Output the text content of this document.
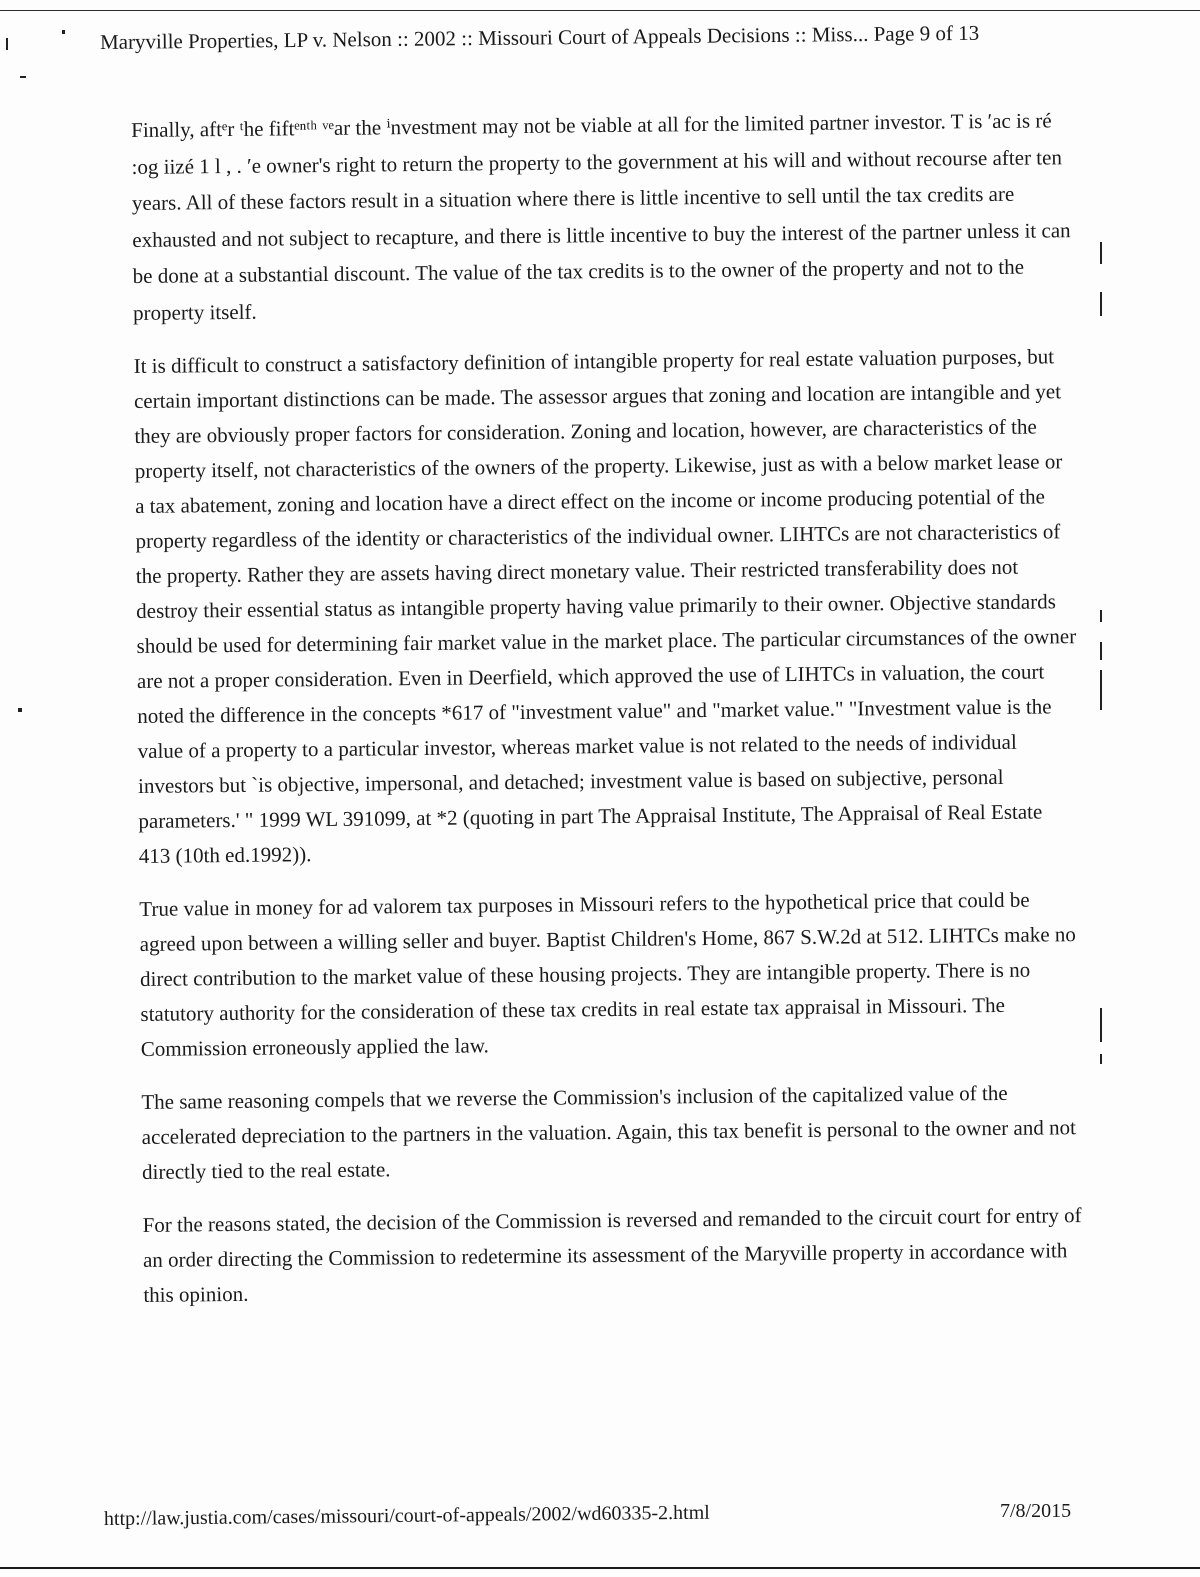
Maryville Properties, LP v. Nelson :: 2002 :: Missouri Court of Appeals Decisions :: Miss... Page 9 of 13

Finally, aftᵉr ᵗhe fiftᵉⁿᵗʰ ᵛᵉar the ⁱnvestment may not be viable at all for the limited partner investor. T is ′ac is ré :og iizé 1 l , . ′e owner's right to return the property to the government at his will and without recourse after ten years. All of these factors result in a situation where there is little incentive to sell until the tax credits are exhausted and not subject to recapture, and there is little incentive to buy the interest of the partner unless it can be done at a substantial discount. The value of the tax credits is to the owner of the property and not to the property itself.

It is difficult to construct a satisfactory definition of intangible property for real estate valuation purposes, but certain important distinctions can be made. The assessor argues that zoning and location are intangible and yet they are obviously proper factors for consideration. Zoning and location, however, are characteristics of the property itself, not characteristics of the owners of the property. Likewise, just as with a below market lease or a tax abatement, zoning and location have a direct effect on the income or income producing potential of the property regardless of the identity or characteristics of the individual owner. LIHTCs are not characteristics of the property. Rather they are assets having direct monetary value. Their restricted transferability does not destroy their essential status as intangible property having value primarily to their owner. Objective standards should be used for determining fair market value in the market place. The particular circumstances of the owner are not a proper consideration. Even in Deerfield, which approved the use of LIHTCs in valuation, the court noted the difference in the concepts *617 of "investment value" and "market value." "Investment value is the value of a property to a particular investor, whereas market value is not related to the needs of individual investors but `is objective, impersonal, and detached; investment value is based on subjective, personal parameters.' " 1999 WL 391099, at *2 (quoting in part The Appraisal Institute, The Appraisal of Real Estate 413 (10th ed.1992)).

True value in money for ad valorem tax purposes in Missouri refers to the hypothetical price that could be agreed upon between a willing seller and buyer. Baptist Children's Home, 867 S.W.2d at 512. LIHTCs make no direct contribution to the market value of these housing projects. They are intangible property. There is no statutory authority for the consideration of these tax credits in real estate tax appraisal in Missouri. The Commission erroneously applied the law.

The same reasoning compels that we reverse the Commission's inclusion of the capitalized value of the accelerated depreciation to the partners in the valuation. Again, this tax benefit is personal to the owner and not directly tied to the real estate.

For the reasons stated, the decision of the Commission is reversed and remanded to the circuit court for entry of an order directing the Commission to redetermine its assessment of the Maryville property in accordance with this opinion.

http://law.justia.com/cases/missouri/court-of-appeals/2002/wd60335-2.html	7/8/2015
